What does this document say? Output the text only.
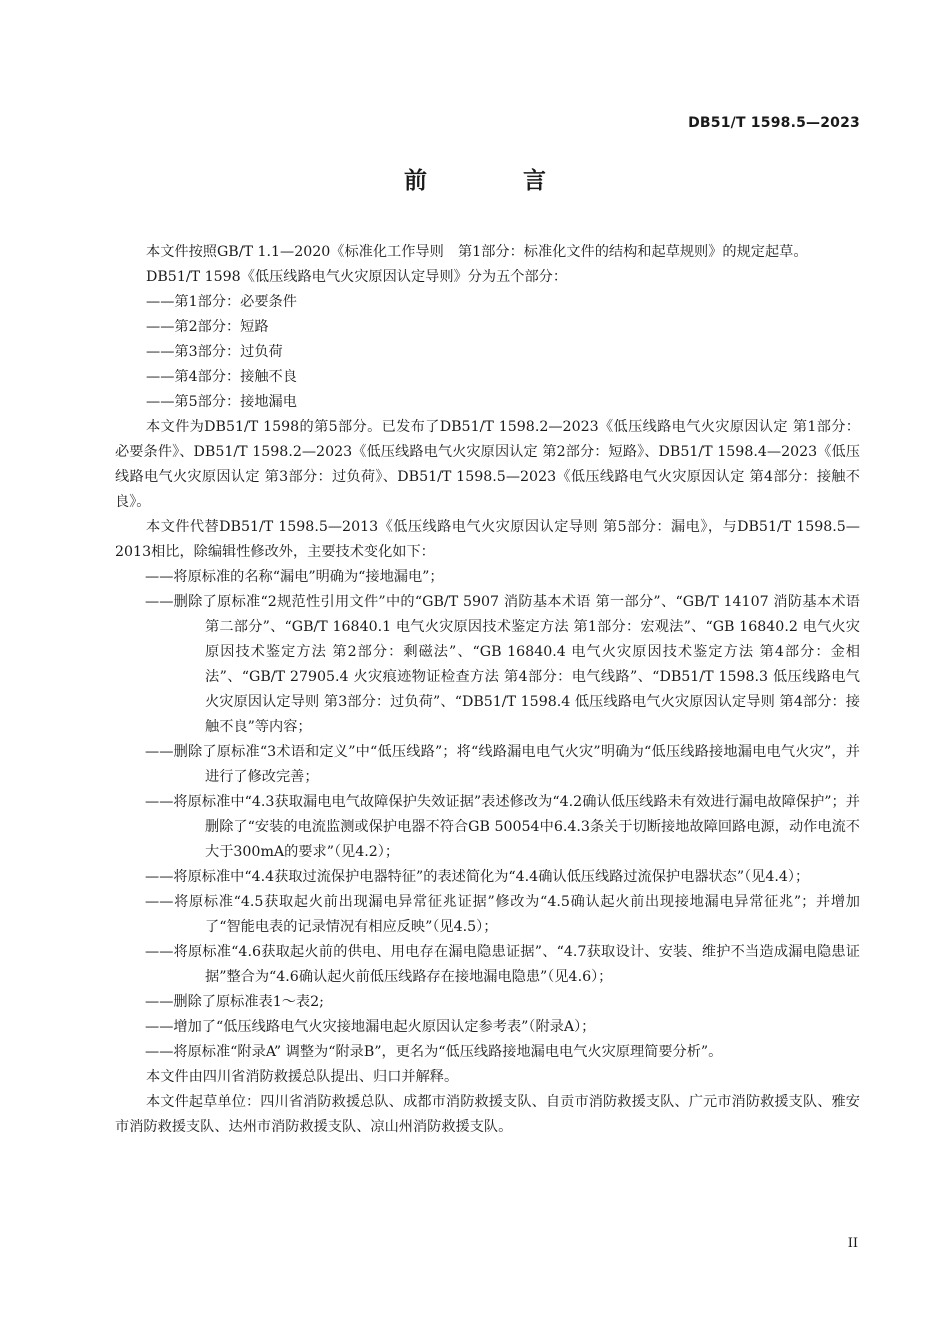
DB51/T 1598.5—2023
前 言

本文件按照GB/T 1.1—2020《标准化工作导则　第1部分：标准化文件的结构和起草规则》的规定起草。

DB51/T 1598《低压线路电气火灾原因认定导则》分为五个部分：

——第1部分：必要条件

——第2部分：短路

——第3部分：过负荷

——第4部分：接触不良

——第5部分：接地漏电

本文件为DB51/T 1598的第5部分。已发布了DB51/T 1598.2—2023《低压线路电气火灾原因认定 第1部分：必要条件》、DB51/T 1598.2—2023《低压线路电气火灾原因认定 第2部分：短路》、DB51/T 1598.4—2023《低压线路电气火灾原因认定 第3部分：过负荷》、DB51/T 1598.5—2023《低压线路电气火灾原因认定 第4部分：接触不良》。

本文件代替DB51/T 1598.5—2013《低压线路电气火灾原因认定导则 第5部分：漏电》，与DB51/T 1598.5—2013相比，除编辑性修改外，主要技术变化如下：

——将原标准的名称“漏电”明确为“接地漏电”；

——删除了原标准“2规范性引用文件”中的“GB/T 5907 消防基本术语 第一部分”、“GB/T 14107 消防基本术语 第二部分”、“GB/T 16840.1 电气火灾原因技术鉴定方法 第1部分：宏观法”、“GB 16840.2 电气火灾原因技术鉴定方法 第2部分：剩磁法”、“GB 16840.4 电气火灾原因技术鉴定方法 第4部分：金相法”、“GB/T 27905.4 火灾痕迹物证检查方法 第4部分：电气线路”、“DB51/T 1598.3 低压线路电气火灾原因认定导则 第3部分：过负荷”、“DB51/T 1598.4 低压线路电气火灾原因认定导则 第4部分：接触不良”等内容；

——删除了原标准“3术语和定义”中“低压线路”；将“线路漏电电气火灾”明确为“低压线路接地漏电电气火灾”，并进行了修改完善；

——将原标准中“4.3获取漏电电气故障保护失效证据”表述修改为“4.2确认低压线路未有效进行漏电故障保护”；并删除了“安装的电流监测或保护电器不符合GB 50054中6.4.3条关于切断接地故障回路电源，动作电流不大于300mA的要求”（见4.2）；

——将原标准中“4.4获取过流保护电器特征”的表述简化为“4.4确认低压线路过流保护电器状态”（见4.4）；

——将原标准“4.5获取起火前出现漏电异常征兆证据”修改为“4.5确认起火前出现接地漏电异常征兆”；并增加了“智能电表的记录情况有相应反映”（见4.5）；

——将原标准“4.6获取起火前的供电、用电存在漏电隐患证据”、“4.7获取设计、安装、维护不当造成漏电隐患证据”整合为“4.6确认起火前低压线路存在接地漏电隐患”（见4.6）；

——删除了原标准表1～表2;

——增加了“低压线路电气火灾接地漏电起火原因认定参考表”（附录A）；

——将原标准“附录A” 调整为“附录B”，更名为“低压线路接地漏电电气火灾原理简要分析”。

本文件由四川省消防救援总队提出、归口并解释。

本文件起草单位：四川省消防救援总队、成都市消防救援支队、自贡市消防救援支队、广元市消防救援支队、雅安市消防救援支队、达州市消防救援支队、凉山州消防救援支队。

II
